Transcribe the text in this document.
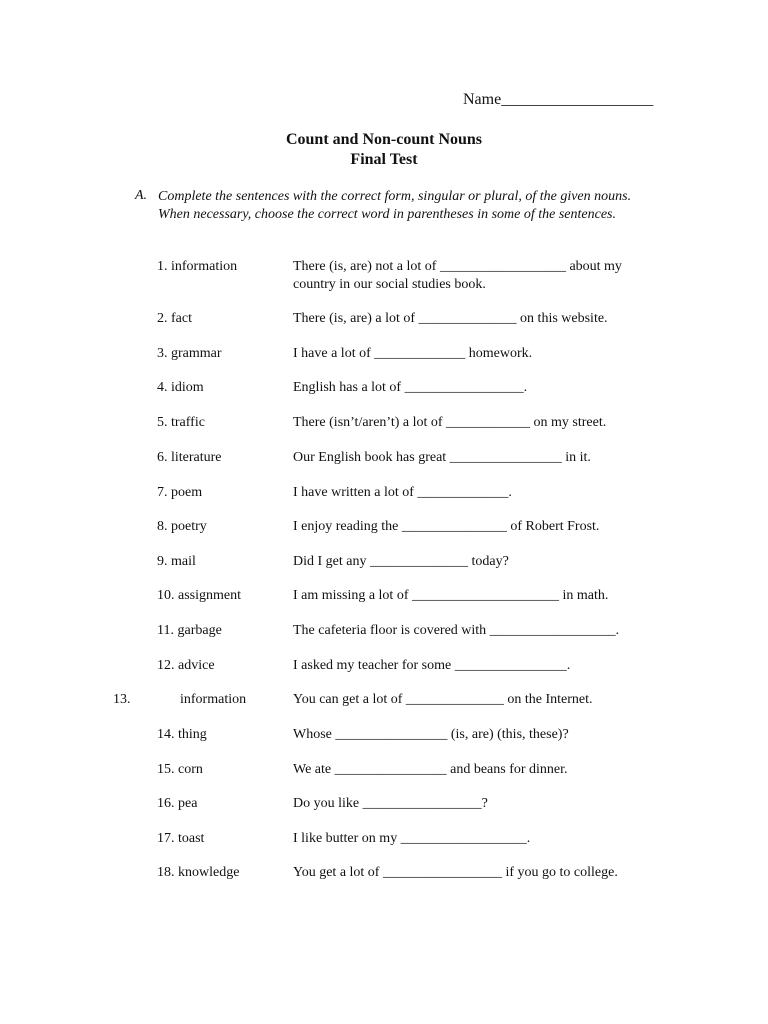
Name___________________
Count and Non-count Nouns
Final Test
A. Complete the sentences with the correct form, singular or plural, of the given nouns. When necessary, choose the correct word in parentheses in some of the sentences.
1. information	There (is, are) not a lot of __________________ about my country in our social studies book.
2. fact	There (is, are) a lot of ______________ on this website.
3. grammar	I have a lot of _____________ homework.
4. idiom	English has a lot of _________________.
5. traffic	There (isn’t/aren’t) a lot of ____________ on my street.
6. literature	Our English book has great ________________ in it.
7. poem	I have written a lot of _____________.
8. poetry	I enjoy reading the _______________ of Robert Frost.
9. mail	Did I get any ______________ today?
10. assignment	I am missing a lot of _____________________ in math.
11. garbage	The cafeteria floor is covered with __________________.
12. advice	I asked my teacher for some ________________.
13.	information	You can get a lot of ______________ on the Internet.
14. thing	Whose ________________ (is, are) (this, these)?
15. corn	We ate ________________ and beans for dinner.
16. pea	Do you like _________________?
17. toast	I like butter on my __________________.
18. knowledge	You get a lot of _________________ if you go to college.
